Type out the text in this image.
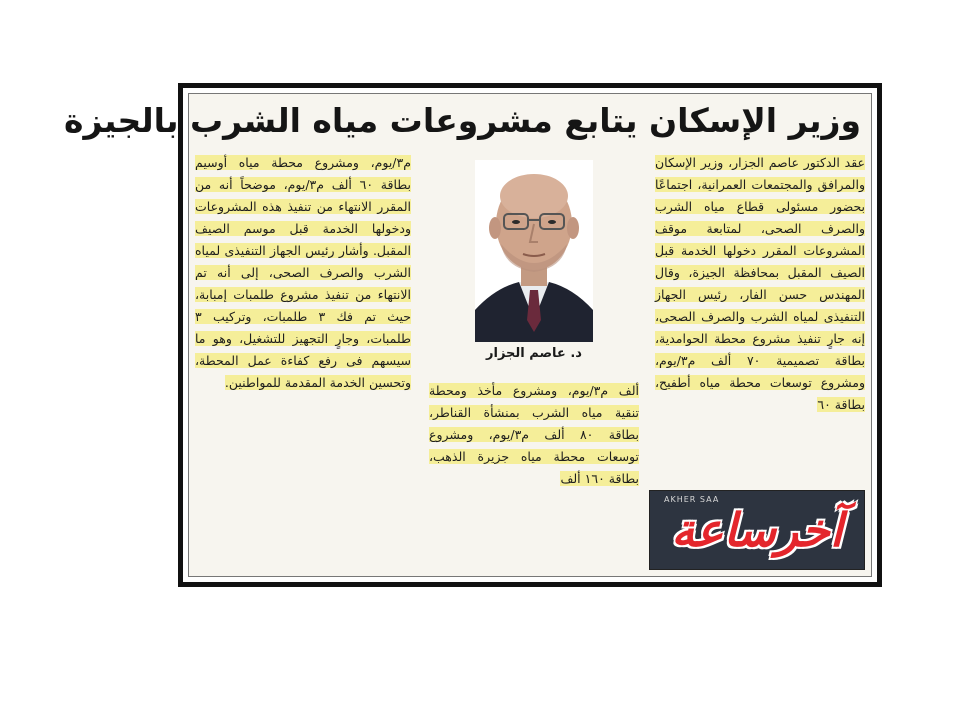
وزير الإسكان يتابع مشروعات مياه الشرب بالجيزة

عقد الدكتور عاصم الجزار، وزير الإسكان والمرافق والمجتمعات العمرانية، اجتماعًا بحضور مسئولى قطاع مياه الشرب والصرف الصحى، لمتابعة موقف المشروعات المقرر دخولها الخدمة قبل الصيف المقبل بمحافظة الجيزة، وقال المهندس حسن الفار، رئيس الجهاز التنفيذى لمياه الشرب والصرف الصحى، إنه جارٍ تنفيذ مشروع محطة الحوامدية، بطاقة تصميمية ٧٠ ألف م٣/يوم، ومشروع توسعات محطة مياه أطفيح، بطاقة ٦٠

د. عاصم الجزار

ألف م٣/يوم، ومشروع مأخذ ومحطة تنقية مياه الشرب بمنشأة القناطر، بطاقة ٨٠ ألف م٣/يوم، ومشروع توسعات محطة مياه جزيرة الذهب، بطاقة ١٦٠ ألف

م٣/يوم، ومشروع محطة مياه أوسيم بطاقة ٦٠ ألف م٣/يوم، موضحاً أنه من المقرر الانتهاء من تنفيذ هذه المشروعات ودخولها الخدمة قبل موسم الصيف المقبل. وأشار رئيس الجهاز التنفيذى لمياه الشرب والصرف الصحى، إلى أنه تم الانتهاء من تنفيذ مشروع طلمبات إمبابة، حيث تم فك ٣ طلمبات، وتركيب ٣ طلمبات، وجارٍ التجهيز للتشغيل، وهو ما سيسهم فى رفع كفاءة عمل المحطة، وتحسين الخدمة المقدمة للمواطنين.

AKHER SAA
آخرساعة
